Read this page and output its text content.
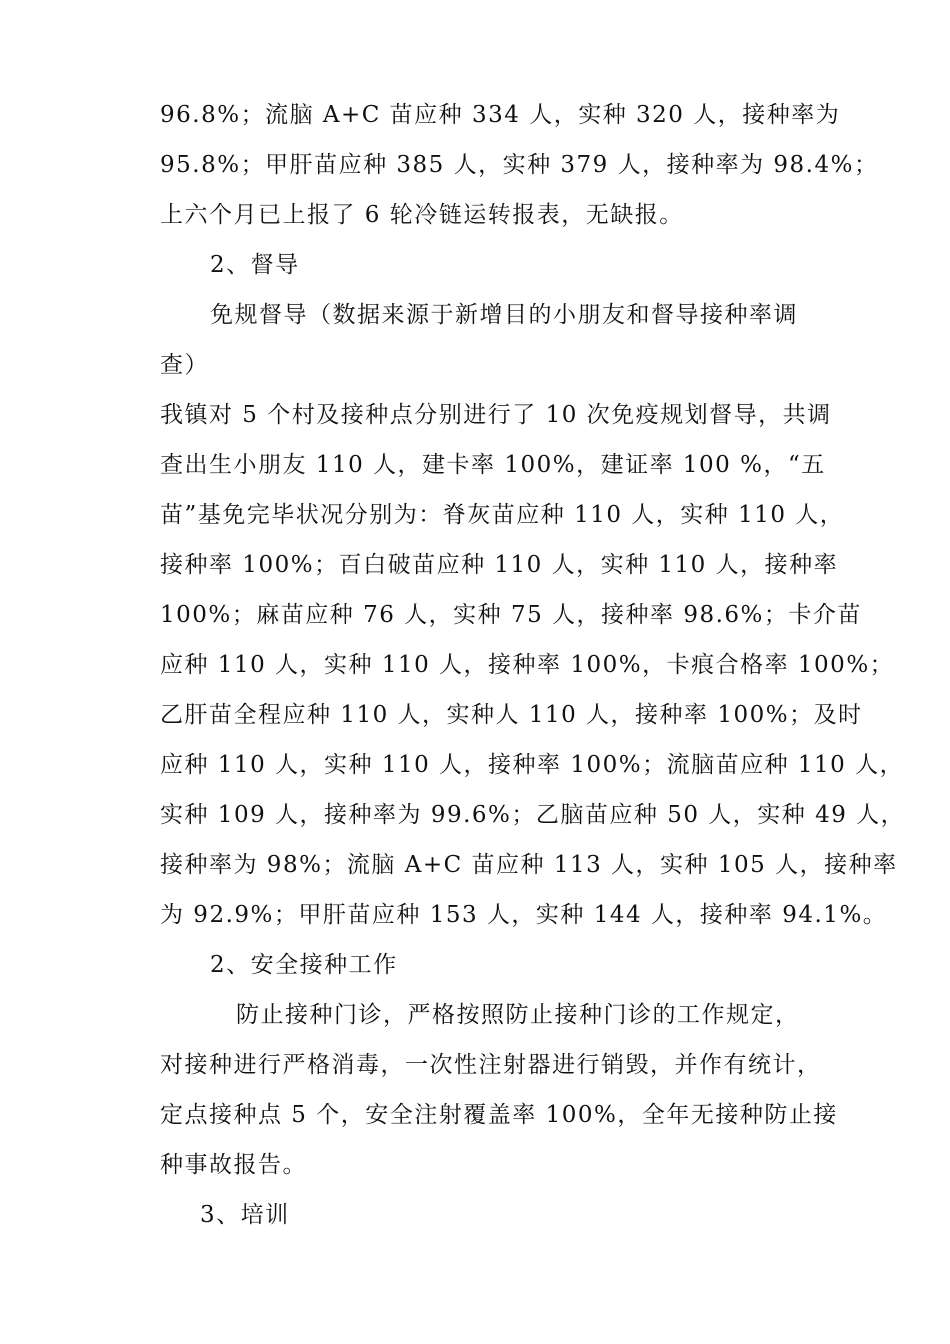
96.8%；流脑 A+C 苗应种 334 人，实种 320 人，接种率为
95.8%；甲肝苗应种 385 人，实种 379 人，接种率为 98.4%；
上六个月已上报了 6 轮冷链运转报表，无缺报。
2、督导
免规督导（数据来源于新增目的小朋友和督导接种率调
查）
我镇对 5 个村及接种点分别进行了 10 次免疫规划督导，共调
查出生小朋友 110 人，建卡率 100%，建证率 100 %，“五
苗”基免完毕状况分别为：脊灰苗应种 110 人，实种 110 人，
接种率 100%；百白破苗应种 110 人，实种 110 人，接种率
100%；麻苗应种 76 人，实种 75 人，接种率 98.6%；卡介苗
应种 110 人，实种 110 人，接种率 100%，卡痕合格率 100%；
乙肝苗全程应种 110 人，实种人 110 人，接种率 100%；及时
应种 110 人，实种 110 人，接种率 100%；流脑苗应种 110 人，
实种 109 人，接种率为 99.6%；乙脑苗应种 50 人，实种 49 人，
接种率为 98%；流脑 A+C 苗应种 113 人，实种 105 人，接种率
为 92.9%；甲肝苗应种 153 人，实种 144 人，接种率 94.1%。
2、安全接种工作
防止接种门诊，严格按照防止接种门诊的工作规定，
对接种进行严格消毒，一次性注射器进行销毁，并作有统计，
定点接种点 5 个，安全注射覆盖率 100%，全年无接种防止接
种事故报告。
3、培训
